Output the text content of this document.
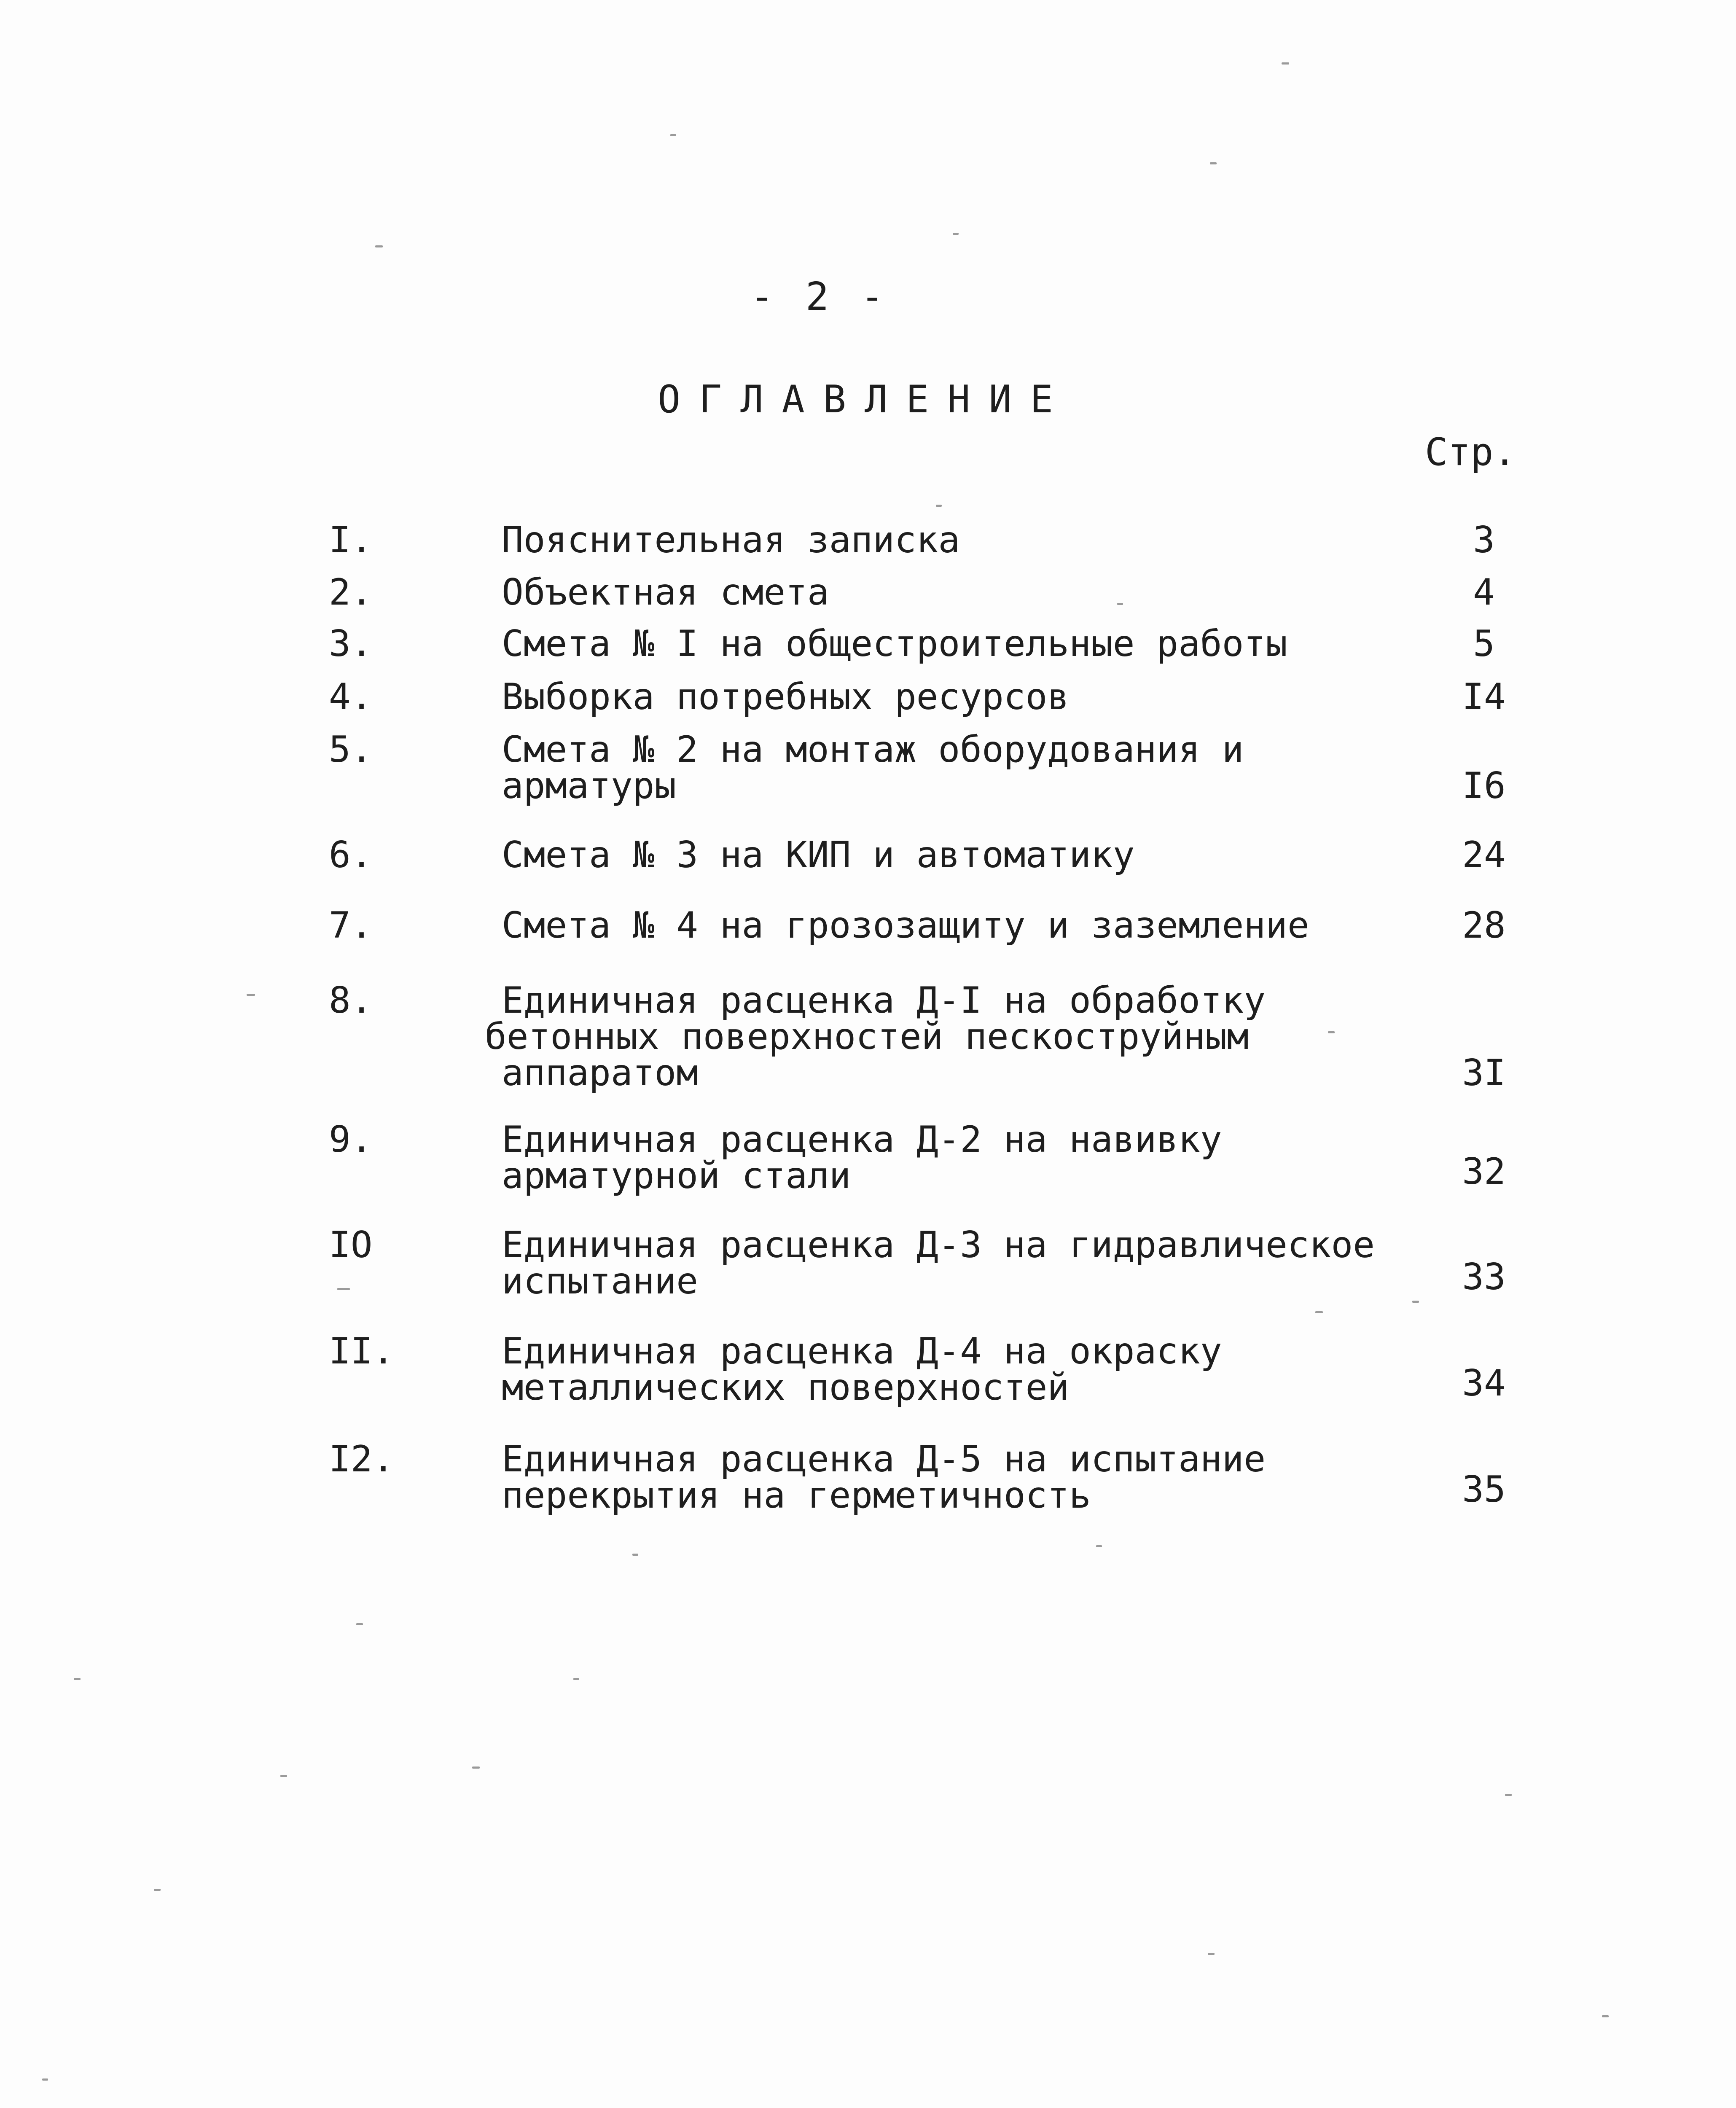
- 2 -
ОГЛАВЛЕНИЕ
Стр.
I.	Пояснительная записка	3
2.	Объектная смета	4
3.	Смета № I на общестроительные работы	5
4.	Выборка потребных ресурсов	I4
5.	Смета № 2 на монтаж оборудования и
арматуры	I6
6.	Смета № 3 на КИП и автоматику	24
7.	Смета № 4 на грозозащиту и заземление	28
8.	Единичная расценка Д-I на обработку
бетонных поверхностей пескоструйным
аппаратом	3I
9.	Единичная расценка Д-2 на навивку
арматурной стали	32
IO	Единичная расценка Д-3 на гидравлическое
испытание	33
II.	Единичная расценка Д-4 на окраску
металлических поверхностей	34
I2.	Единичная расценка Д-5 на испытание
перекрытия на герметичность	35
